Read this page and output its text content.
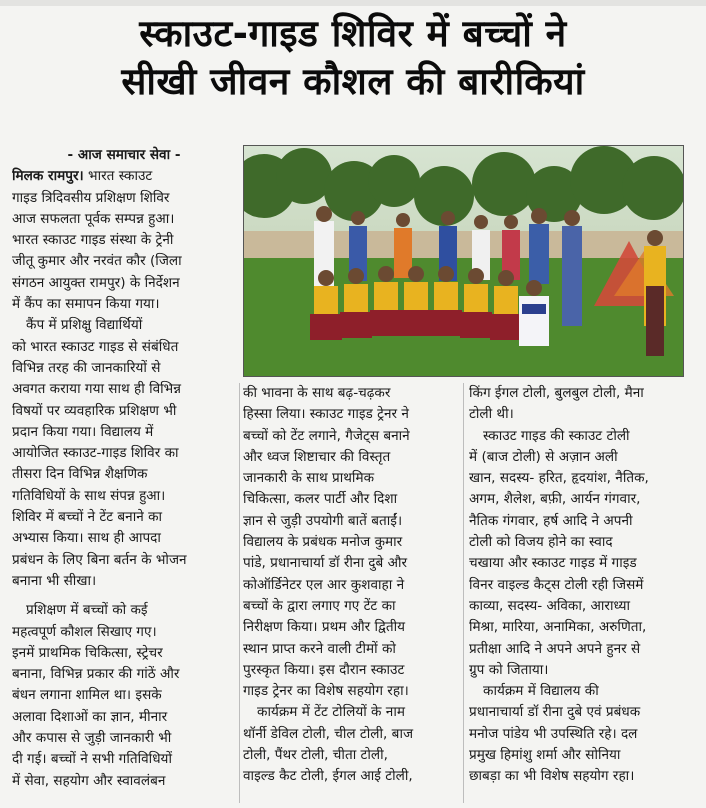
स्काउट-गाइड शिविर में बच्चों ने
सीखी जीवन कौशल की बारीकियां
- आज समाचार सेवा -
मिलक रामपुर। भारत स्काउट
गाइड त्रिदिवसीय प्रशिक्षण शिविर
आज सफलता पूर्वक सम्पन्न हुआ।
भारत स्काउट गाइड संस्था के ट्रेनी
जीतू कुमार और नरवंत कौर (जिला
संगठन आयुक्त रामपुर) के निर्देशन
में कैंप का समापन किया गया।
कैंप में प्रशिक्षु विद्यार्थियों
को भारत स्काउट गाइड से संबंधित
विभिन्न तरह की जानकारियों से
अवगत कराया गया साथ ही विभिन्न
विषयों पर व्यवहारिक प्रशिक्षण भी
प्रदान किया गया। विद्यालय में
आयोजित स्काउट-गाइड शिविर का
तीसरा दिन विभिन्न शैक्षणिक
गतिविधियों के साथ संपन्न हुआ।
शिविर में बच्चों ने टेंट बनाने का
अभ्यास किया। साथ ही आपदा
प्रबंधन के लिए बिना बर्तन के भोजन
बनाना भी सीखा।
प्रशिक्षण में बच्चों को कई
महत्वपूर्ण कौशल सिखाए गए।
इनमें प्राथमिक चिकित्सा, स्ट्रेचर
बनाना, विभिन्न प्रकार की गांठें और
बंधन लगाना शामिल था। इसके
अलावा दिशाओं का ज्ञान, मीनार
और कपास से जुड़ी जानकारी भी
दी गई। बच्चों ने सभी गतिविधियों
में सेवा, सहयोग और स्वावलंबन
की भावना के साथ बढ़-चढ़कर
हिस्सा लिया। स्काउट गाइड ट्रेनर ने
बच्चों को टेंट लगाने, गैजेट्स बनाने
और ध्वज शिष्टाचार की विस्तृत
जानकारी के साथ प्राथमिक
चिकित्सा, कलर पार्टी और दिशा
ज्ञान से जुड़ी उपयोगी बातें बताईं।
विद्यालय के प्रबंधक मनोज कुमार
पांडे, प्रधानाचार्या डॉ रीना दुबे और
कोऑर्डिनेटर एल आर कुशवाहा ने
बच्चों के द्वारा लगाए गए टेंट का
निरीक्षण किया। प्रथम और द्वितीय
स्थान प्राप्त करने वाली टीमों को
पुरस्कृत किया। इस दौरान स्काउट
गाइड ट्रेनर का विशेष सहयोग रहा।
कार्यक्रम में टेंट टोलियों के नाम
थॉर्नी डेविल टोली, चील टोली, बाज
टोली, पैंथर टोली, चीता टोली,
वाइल्ड कैट टोली, ईगल आई टोली,
किंग ईगल टोली, बुलबुल टोली, मैना
टोली थी।
स्काउट गाइड की स्काउट टोली
में (बाज टोली) से अज़ान अली
खान, सदस्य- हरित, हृदयांश, नैतिक,
अगम, शैलेश, बफ़ी, आर्यन गंगवार,
नैतिक गंगवार, हर्ष आदि ने अपनी
टोली को विजय होने का स्वाद
चखाया और स्काउट गाइड में गाइड
विनर वाइल्ड कैट्स टोली रही जिसमें
काव्या, सदस्य- अविका, आराध्या
मिश्रा, मारिया, अनामिका, अरुणिता,
प्रतीक्षा आदि ने अपने अपने हुनर से
ग्रुप को जिताया।
कार्यक्रम में विद्यालय की
प्रधानाचार्या डॉ रीना दुबे एवं प्रबंधक
मनोज पांडेय भी उपस्थिति रहे। दल
प्रमुख हिमांशु शर्मा और सोनिया
छाबड़ा का भी विशेष सहयोग रहा।
